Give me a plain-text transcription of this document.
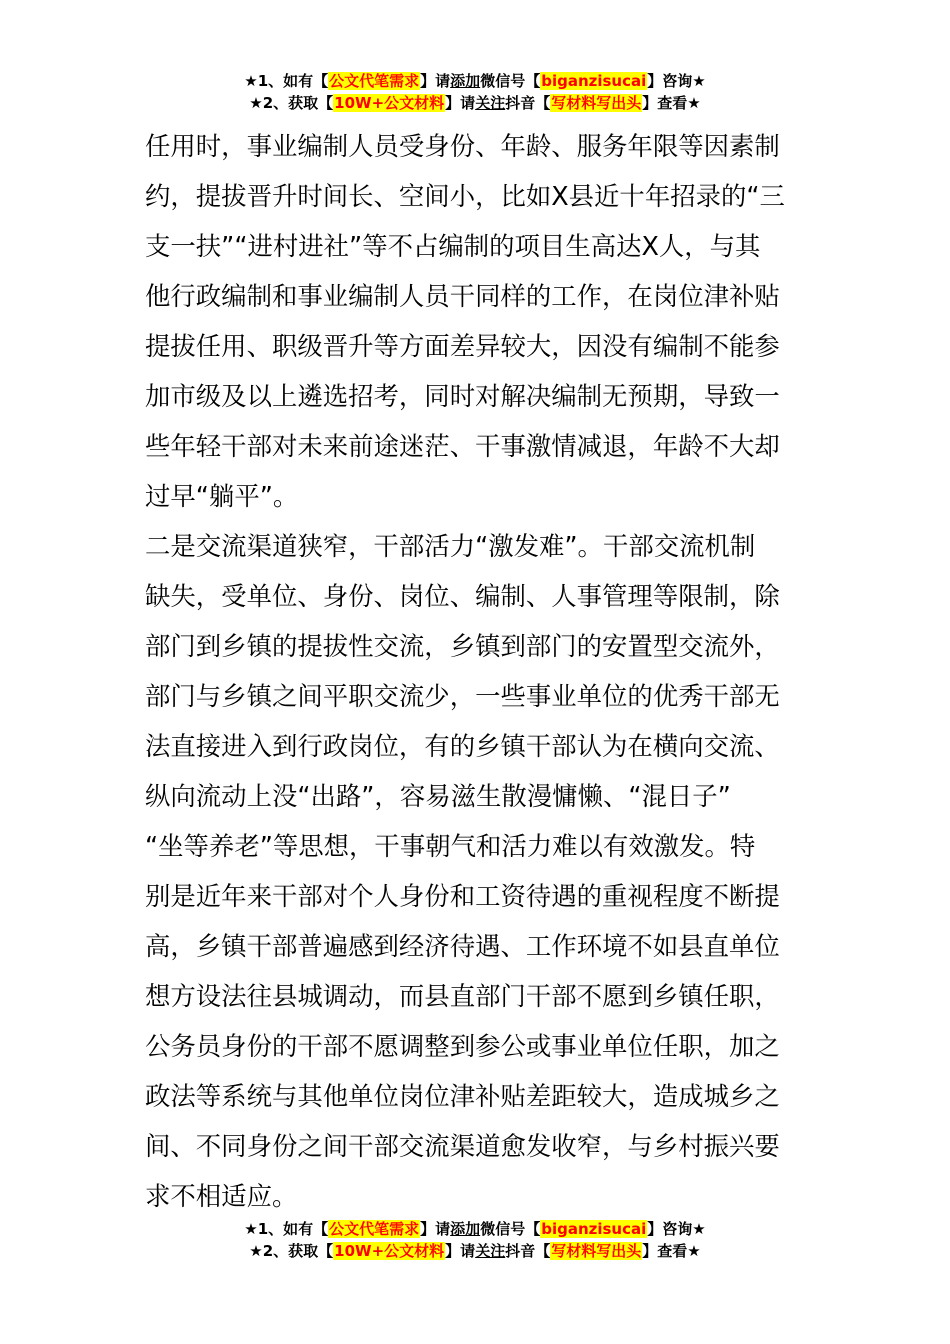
★1、如有【公文代笔需求】请添加微信号【biganzisucai】咨询★
★2、获取【10W+公文材料】请关注抖音【写材料写出头】查看★
任用时，事业编制人员受身份、年龄、服务年限等因素制
约，提拔晋升时间长、空间小，比如X县近十年招录的“三
支一扶”“进村进社”等不占编制的项目生高达X人，与其
他行政编制和事业编制人员干同样的工作，在岗位津补贴
提拔任用、职级晋升等方面差异较大，因没有编制不能参
加市级及以上遴选招考，同时对解决编制无预期，导致一
些年轻干部对未来前途迷茫、干事激情减退，年龄不大却
过早“躺平”。
二是交流渠道狭窄，干部活力“激发难”。干部交流机制
缺失，受单位、身份、岗位、编制、人事管理等限制，除
部门到乡镇的提拔性交流，乡镇到部门的安置型交流外，
部门与乡镇之间平职交流少，一些事业单位的优秀干部无
法直接进入到行政岗位，有的乡镇干部认为在横向交流、
纵向流动上没“出路”，容易滋生散漫慵懒、“混日子”
“坐等养老”等思想，干事朝气和活力难以有效激发。特
别是近年来干部对个人身份和工资待遇的重视程度不断提
高，乡镇干部普遍感到经济待遇、工作环境不如县直单位
想方设法往县城调动，而县直部门干部不愿到乡镇任职，
公务员身份的干部不愿调整到参公或事业单位任职，加之
政法等系统与其他单位岗位津补贴差距较大，造成城乡之
间、不同身份之间干部交流渠道愈发收窄，与乡村振兴要
求不相适应。
★1、如有【公文代笔需求】请添加微信号【biganzisucai】咨询★
★2、获取【10W+公文材料】请关注抖音【写材料写出头】查看★
